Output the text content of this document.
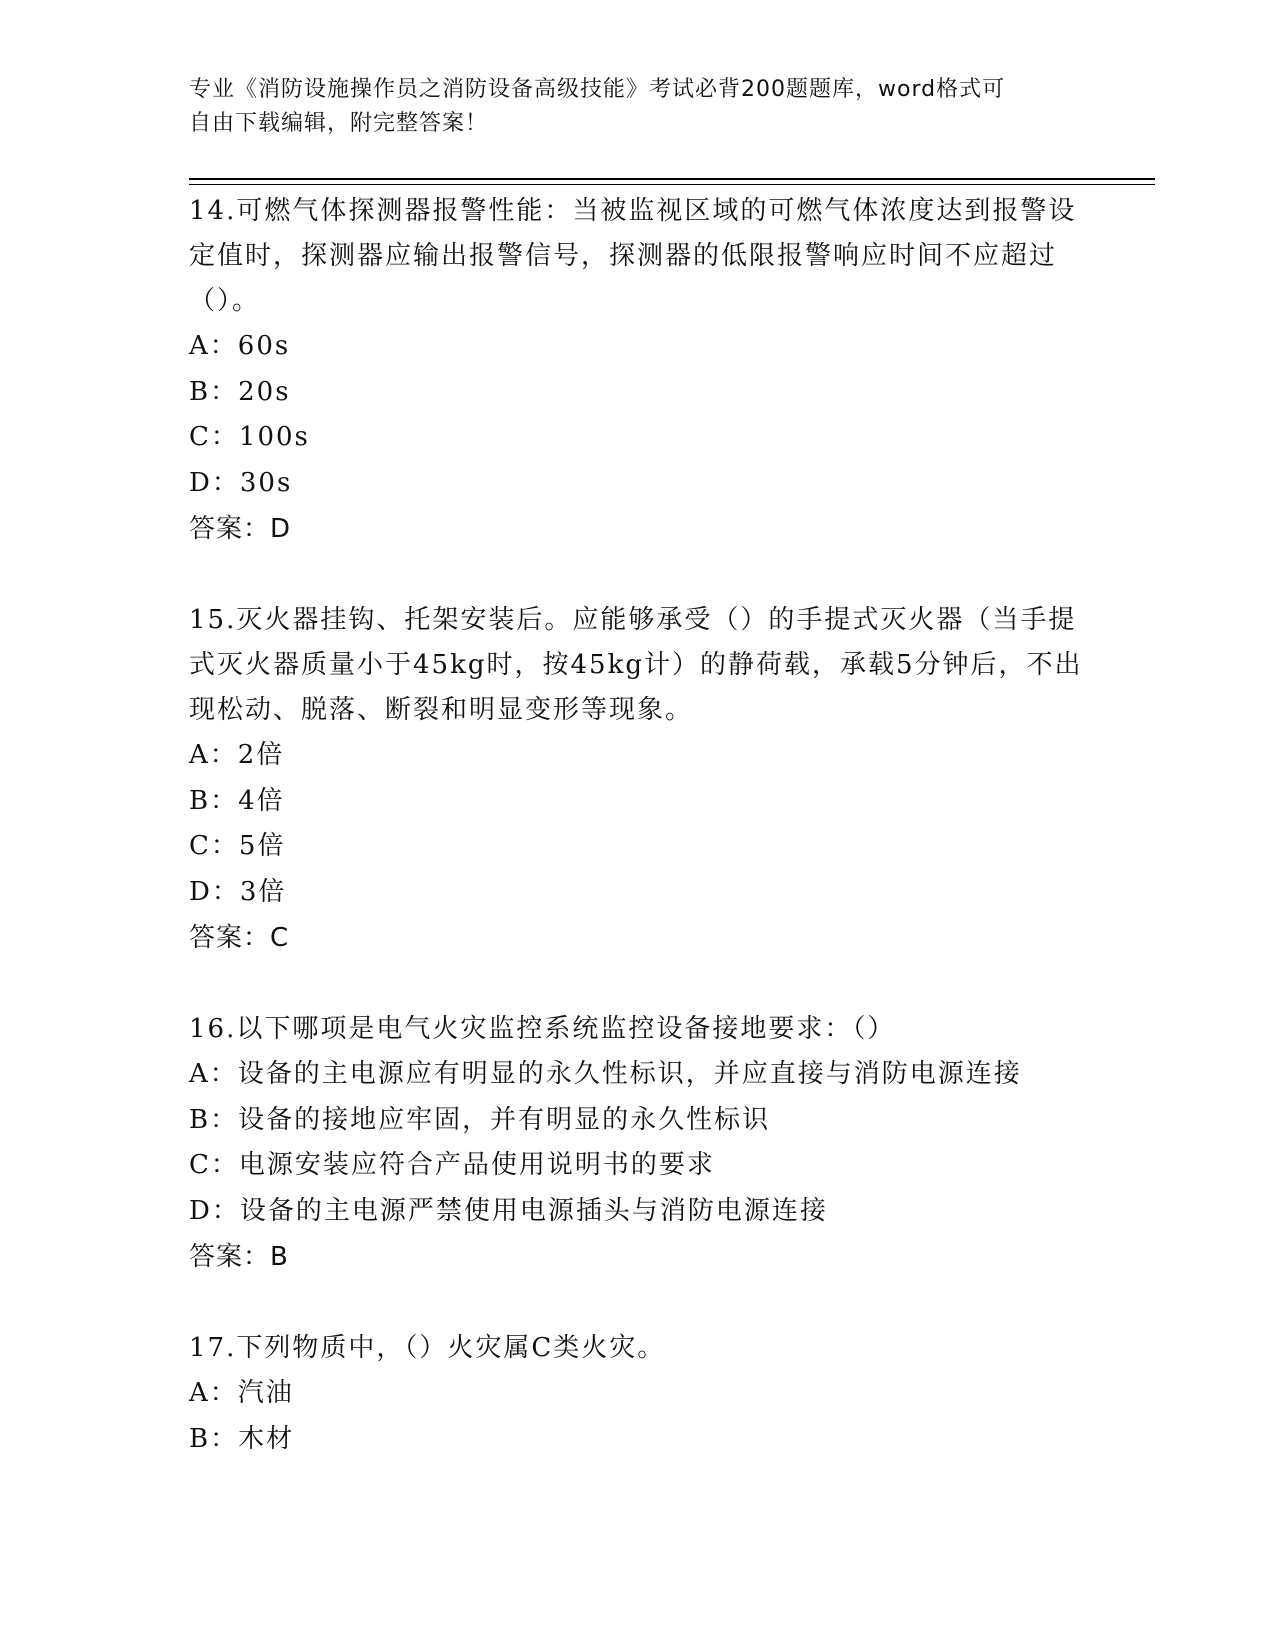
专业《消防设施操作员之消防设备高级技能》考试必背200题题库，word格式可
自由下载编辑，附完整答案！

14.可燃气体探测器报警性能：当被监视区域的可燃气体浓度达到报警设定值时，探测器应输出报警信号，探测器的低限报警响应时间不应超过（）。

A： 60s

B： 20s

C： 100s

D： 30s

答案：D

15.灭火器挂钩、托架安装后。应能够承受（）的手提式灭火器（当手提式灭火器质量小于45kg时，按45kg计）的静荷载，承载5分钟后，不出现松动、脱落、断裂和明显变形等现象。

A： 2倍

B： 4倍

C： 5倍

D： 3倍

答案：C

16.以下哪项是电气火灾监控系统监控设备接地要求：（）

A： 设备的主电源应有明显的永久性标识，并应直接与消防电源连接

B： 设备的接地应牢固，并有明显的永久性标识

C： 电源安装应符合产品使用说明书的要求

D： 设备的主电源严禁使用电源插头与消防电源连接

答案：B

17.下列物质中，（）火灾属C类火灾。

A： 汽油

B： 木材
